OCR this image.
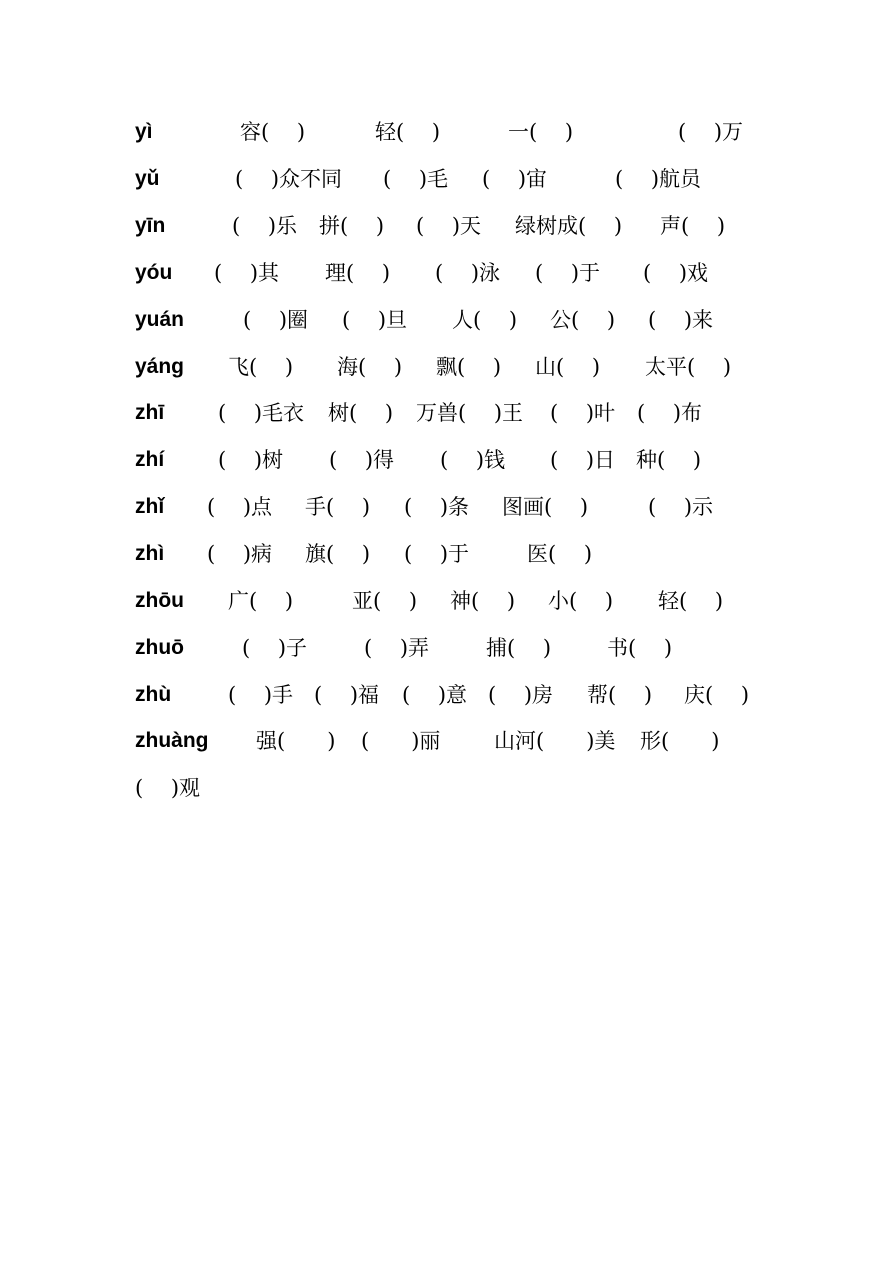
yì	容(　 )	轻(　 )	一(　 )	(　 )万
yǔ	(　 )众不同 (　 )毛 (　 )宙	(　 )航员
yīn	(　 )乐 拼(　 ) (　 )天 绿树成(　 ) 声(　 )
yóu (　 )其 理(　 ) (　 )泳 (　 )于 (　 )戏
yuán	(　 )圈 (　 )旦 人(　 ) 公(　 ) (　 )来
yáng 飞(　 ) 海(　 ) 飘(　 ) 山(　 ) 太平(　 )
zhī	(　 )毛衣 树(　 ) 万兽(　 )王 (　 )叶 (　 )布
zhí	(　 )树 (　 )得 (　 )钱 (　 )日 种(　 )
zhǐ (　 )点 手(　 ) (　 )条 图画(　 )	(　 )示
zhì (　 )病 旗(　 ) (　 )于	医(　 )
zhōu 广(　 )	亚(　 ) 神(　 ) 小(　 ) 轻(　 )
zhuō	(　 )子	(　 )弄	捕(　 )	书(　 )
zhù	(　 )手 (　 )福 (　 )意 (　 )房 帮(　 ) 庆(　 )
zhuàng 强(　　) (　　)丽	山河(　　)美 形(　　)
(　 )观
